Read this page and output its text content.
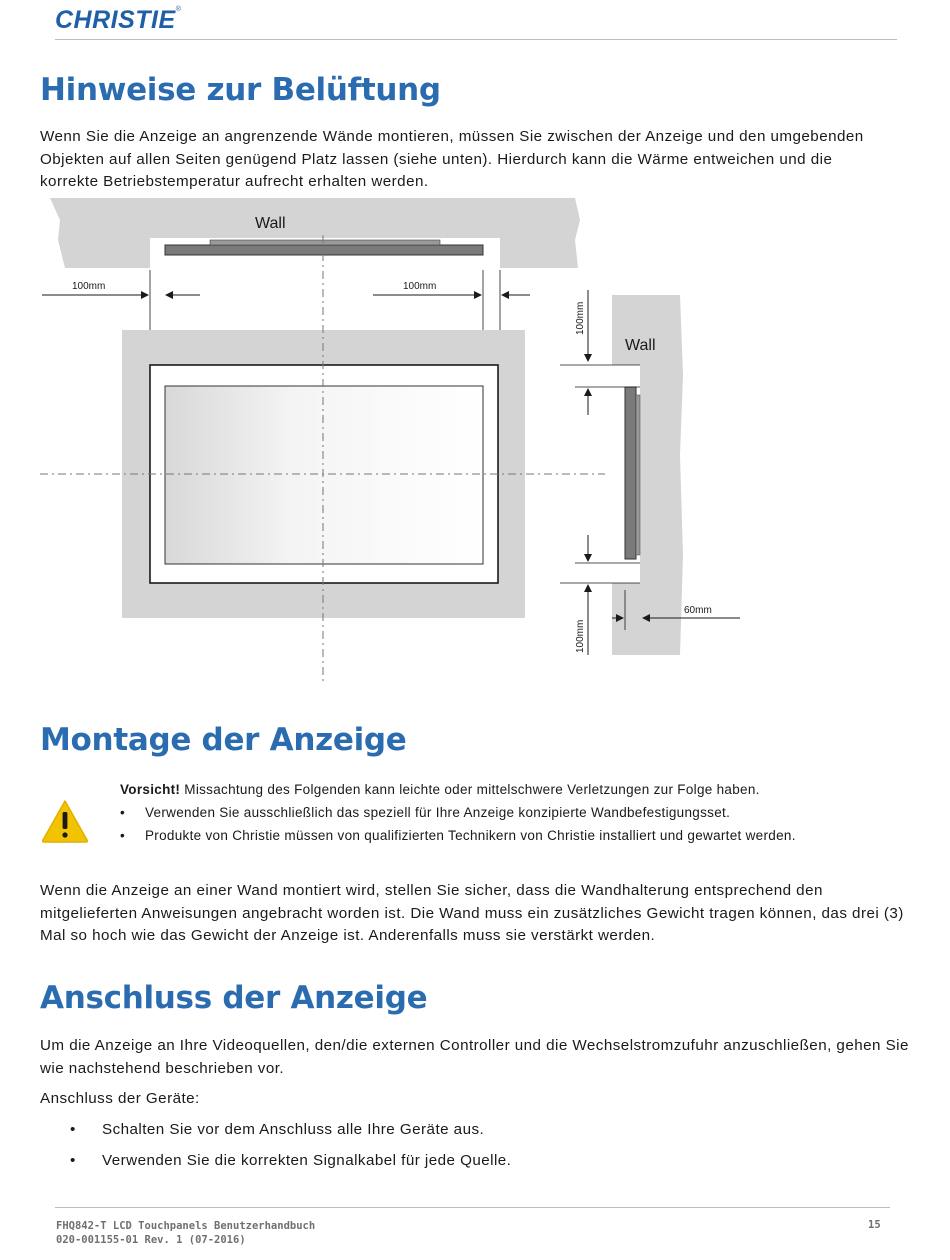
CHRISTIE®
Hinweise zur Belüftung

Wenn Sie die Anzeige an angrenzende Wände montieren, müssen Sie zwischen der Anzeige und den umgebenden Objekten auf allen Seiten genügend Platz lassen (siehe unten). Hierdurch kann die Wärme entweichen und die korrekte Betriebstemperatur aufrecht erhalten werden.

Wall
100mm	100mm
Wall
100mm
100mm
60mm
Montage der Anzeige
Vorsicht! Missachtung des Folgenden kann leichte oder mittelschwere Verletzungen zur Folge haben.
• Verwenden Sie ausschließlich das speziell für Ihre Anzeige konzipierte Wandbefestigungsset.
• Produkte von Christie müssen von qualifizierten Technikern von Christie installiert und gewartet werden.

Wenn die Anzeige an einer Wand montiert wird, stellen Sie sicher, dass die Wandhalterung entsprechend den mitgelieferten Anweisungen angebracht worden ist. Die Wand muss ein zusätzliches Gewicht tragen können, das drei (3) Mal so hoch wie das Gewicht der Anzeige ist. Anderenfalls muss sie verstärkt werden.

Anschluss der Anzeige

Um die Anzeige an Ihre Videoquellen, den/die externen Controller und die Wechselstromzufuhr anzuschließen, gehen Sie wie nachstehend beschrieben vor.

Anschluss der Geräte:

• Schalten Sie vor dem Anschluss alle Ihre Geräte aus.
• Verwenden Sie die korrekten Signalkabel für jede Quelle.
FHQ842-T LCD Touchpanels Benutzerhandbuch
020-001155-01 Rev. 1 (07-2016)
15
